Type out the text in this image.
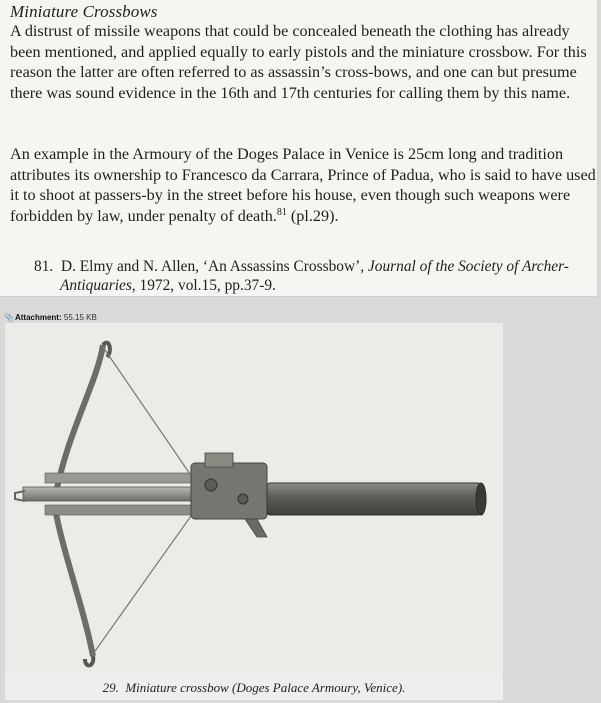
Miniature Crossbows

A distrust of missile weapons that could be concealed beneath the clothing has already been mentioned, and applied equally to early pistols and the miniature crossbow. For this reason the latter are often referred to as assassin’s cross-bows, and one can but presume there was sound evidence in the 16th and 17th centuries for calling them by this name.

An example in the Armoury of the Doges Palace in Venice is 25cm long and tradition attributes its ownership to Francesco da Carrara, Prince of Padua, who is said to have used it to shoot at passers-by in the street before his house, even though such weapons were forbidden by law, under penalty of death.$^{81}$ (pl.29).

81. D. Elmy and N. Allen, ‘An Assassins Crossbow’, Journal of the Society of Archer-
Antiquaries, 1972, vol.15, pp.37-9.

📎Attachment: 55.15 KB
29. Miniature crossbow (Doges Palace Armoury, Venice).
